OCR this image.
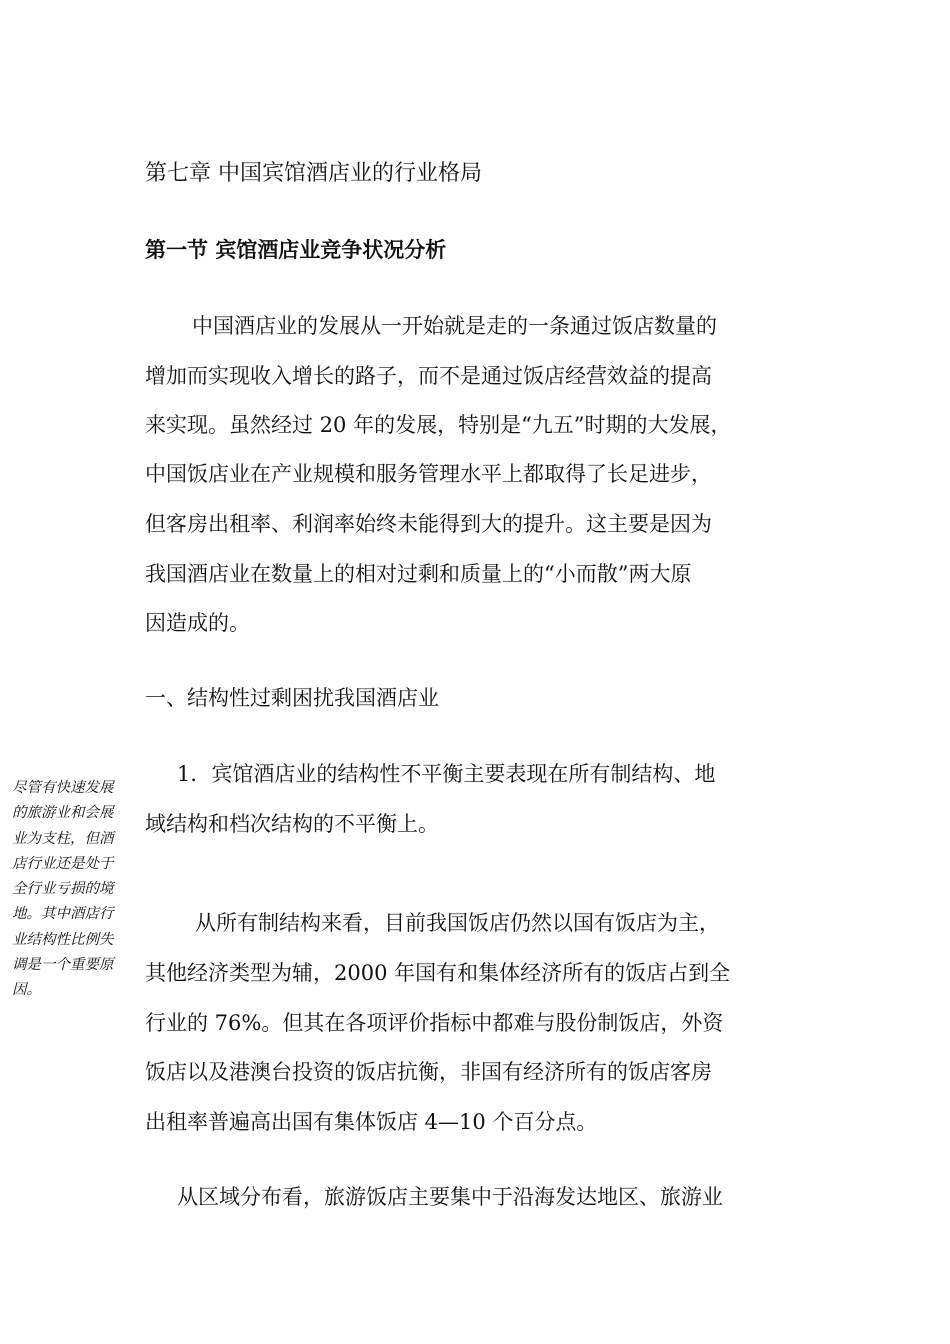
第七章 中国宾馆酒店业的行业格局
第一节 宾馆酒店业竞争状况分析

中国酒店业的发展从一开始就是走的一条通过饭店数量的

增加而实现收入增长的路子，而不是通过饭店经营效益的提高

来实现。虽然经过 20 年的发展，特别是“九五”时期的大发展，

中国饭店业在产业规模和服务管理水平上都取得了长足进步，

但客房出租率、利润率始终未能得到大的提升。这主要是因为

我国酒店业在数量上的相对过剩和质量上的“小而散”两大原

因造成的。

一、结构性过剩困扰我国酒店业

1．宾馆酒店业的结构性不平衡主要表现在所有制结构、地

域结构和档次结构的不平衡上。

从所有制结构来看，目前我国饭店仍然以国有饭店为主，

其他经济类型为辅，2000 年国有和集体经济所有的饭店占到全

行业的 76%。但其在各项评价指标中都难与股份制饭店，外资

饭店以及港澳台投资的饭店抗衡，非国有经济所有的饭店客房

出租率普遍高出国有集体饭店 4—10 个百分点。

从区域分布看，旅游饭店主要集中于沿海发达地区、旅游业

尽管有快速发展
的旅游业和会展
业为支柱，但酒
店行业还是处于
全行业亏损的境
地。其中酒店行
业结构性比例失
调是一个重要原
因。
